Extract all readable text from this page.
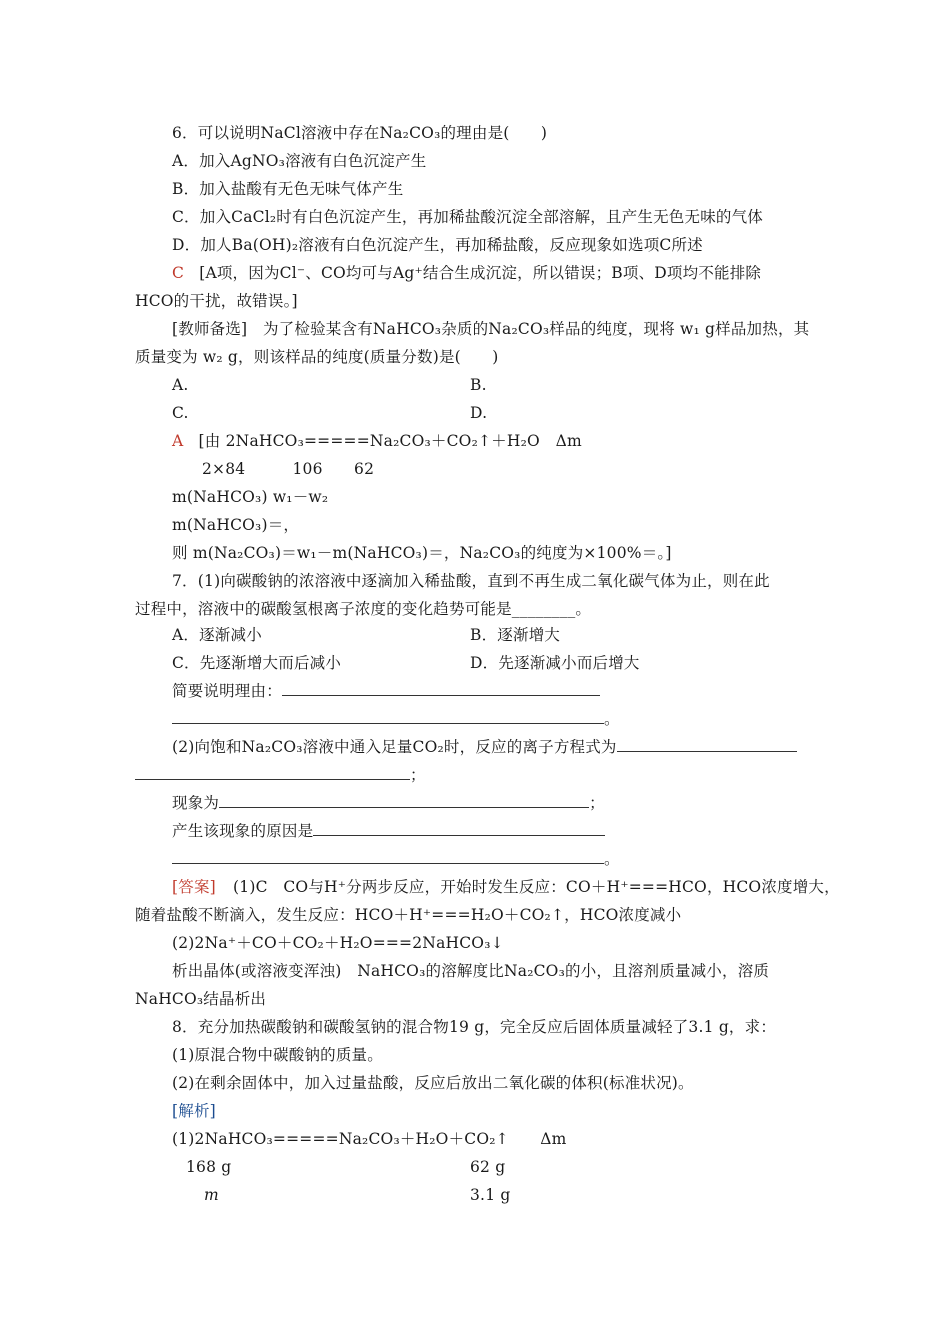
6．可以说明NaCl溶液中存在Na₂CO₃的理由是(　　)
A．加入AgNO₃溶液有白色沉淀产生
B．加入盐酸有无色无味气体产生
C．加入CaCl₂时有白色沉淀产生，再加稀盐酸沉淀全部溶解，且产生无色无味的气体
D．加人Ba(OH)₂溶液有白色沉淀产生，再加稀盐酸，反应现象如选项C所述
C [A项，因为Cl⁻、CO均可与Ag⁺结合生成沉淀，所以错误；B项、D项均不能排除
HCO的干扰，故错误。]
[教师备选]　为了检验某含有NaHCO₃杂质的Na₂CO₃样品的纯度，现将 w₁ g样品加热，其
质量变为 w₂ g，则该样品的纯度(质量分数)是(　　)
A.	B.
C.	D.
A [由 2NaHCO₃=====Na₂CO₃＋CO₂↑＋H₂O　Δm
2×84　　　106　　62
m(NaHCO₃) w₁－w₂
m(NaHCO₃)＝，
则 m(Na₂CO₃)＝w₁－m(NaHCO₃)＝，Na₂CO₃的纯度为×100%＝。]
7．(1)向碳酸钠的浓溶液中逐滴加入稀盐酸，直到不再生成二氧化碳气体为止，则在此
过程中，溶液中的碳酸氢根离子浓度的变化趋势可能是________。
A．逐渐减小	B．逐渐增大
C．先逐渐增大而后减小	D．先逐渐减小而后增大
简要说明理由：
。
(2)向饱和Na₂CO₃溶液中通入足量CO₂时，反应的离子方程式为
；
现象为	；
产生该现象的原因是
。
[答案] (1)C　CO与H⁺分两步反应，开始时发生反应：CO＋H⁺===HCO，HCO浓度增大，
随着盐酸不断滴入，发生反应：HCO＋H⁺===H₂O＋CO₂↑，HCO浓度减小
(2)2Na⁺＋CO＋CO₂＋H₂O===2NaHCO₃↓
析出晶体(或溶液变浑浊)　NaHCO₃的溶解度比Na₂CO₃的小，且溶剂质量减小，溶质
NaHCO₃结晶析出
8．充分加热碳酸钠和碳酸氢钠的混合物19 g，完全反应后固体质量减轻了3.1 g，求：
(1)原混合物中碳酸钠的质量。
(2)在剩余固体中，加入过量盐酸，反应后放出二氧化碳的体积(标准状况)。
[解析]
(1)2NaHCO₃=====Na₂CO₃＋H₂O＋CO₂↑　　Δm
168 g	62 g
m	3.1 g
